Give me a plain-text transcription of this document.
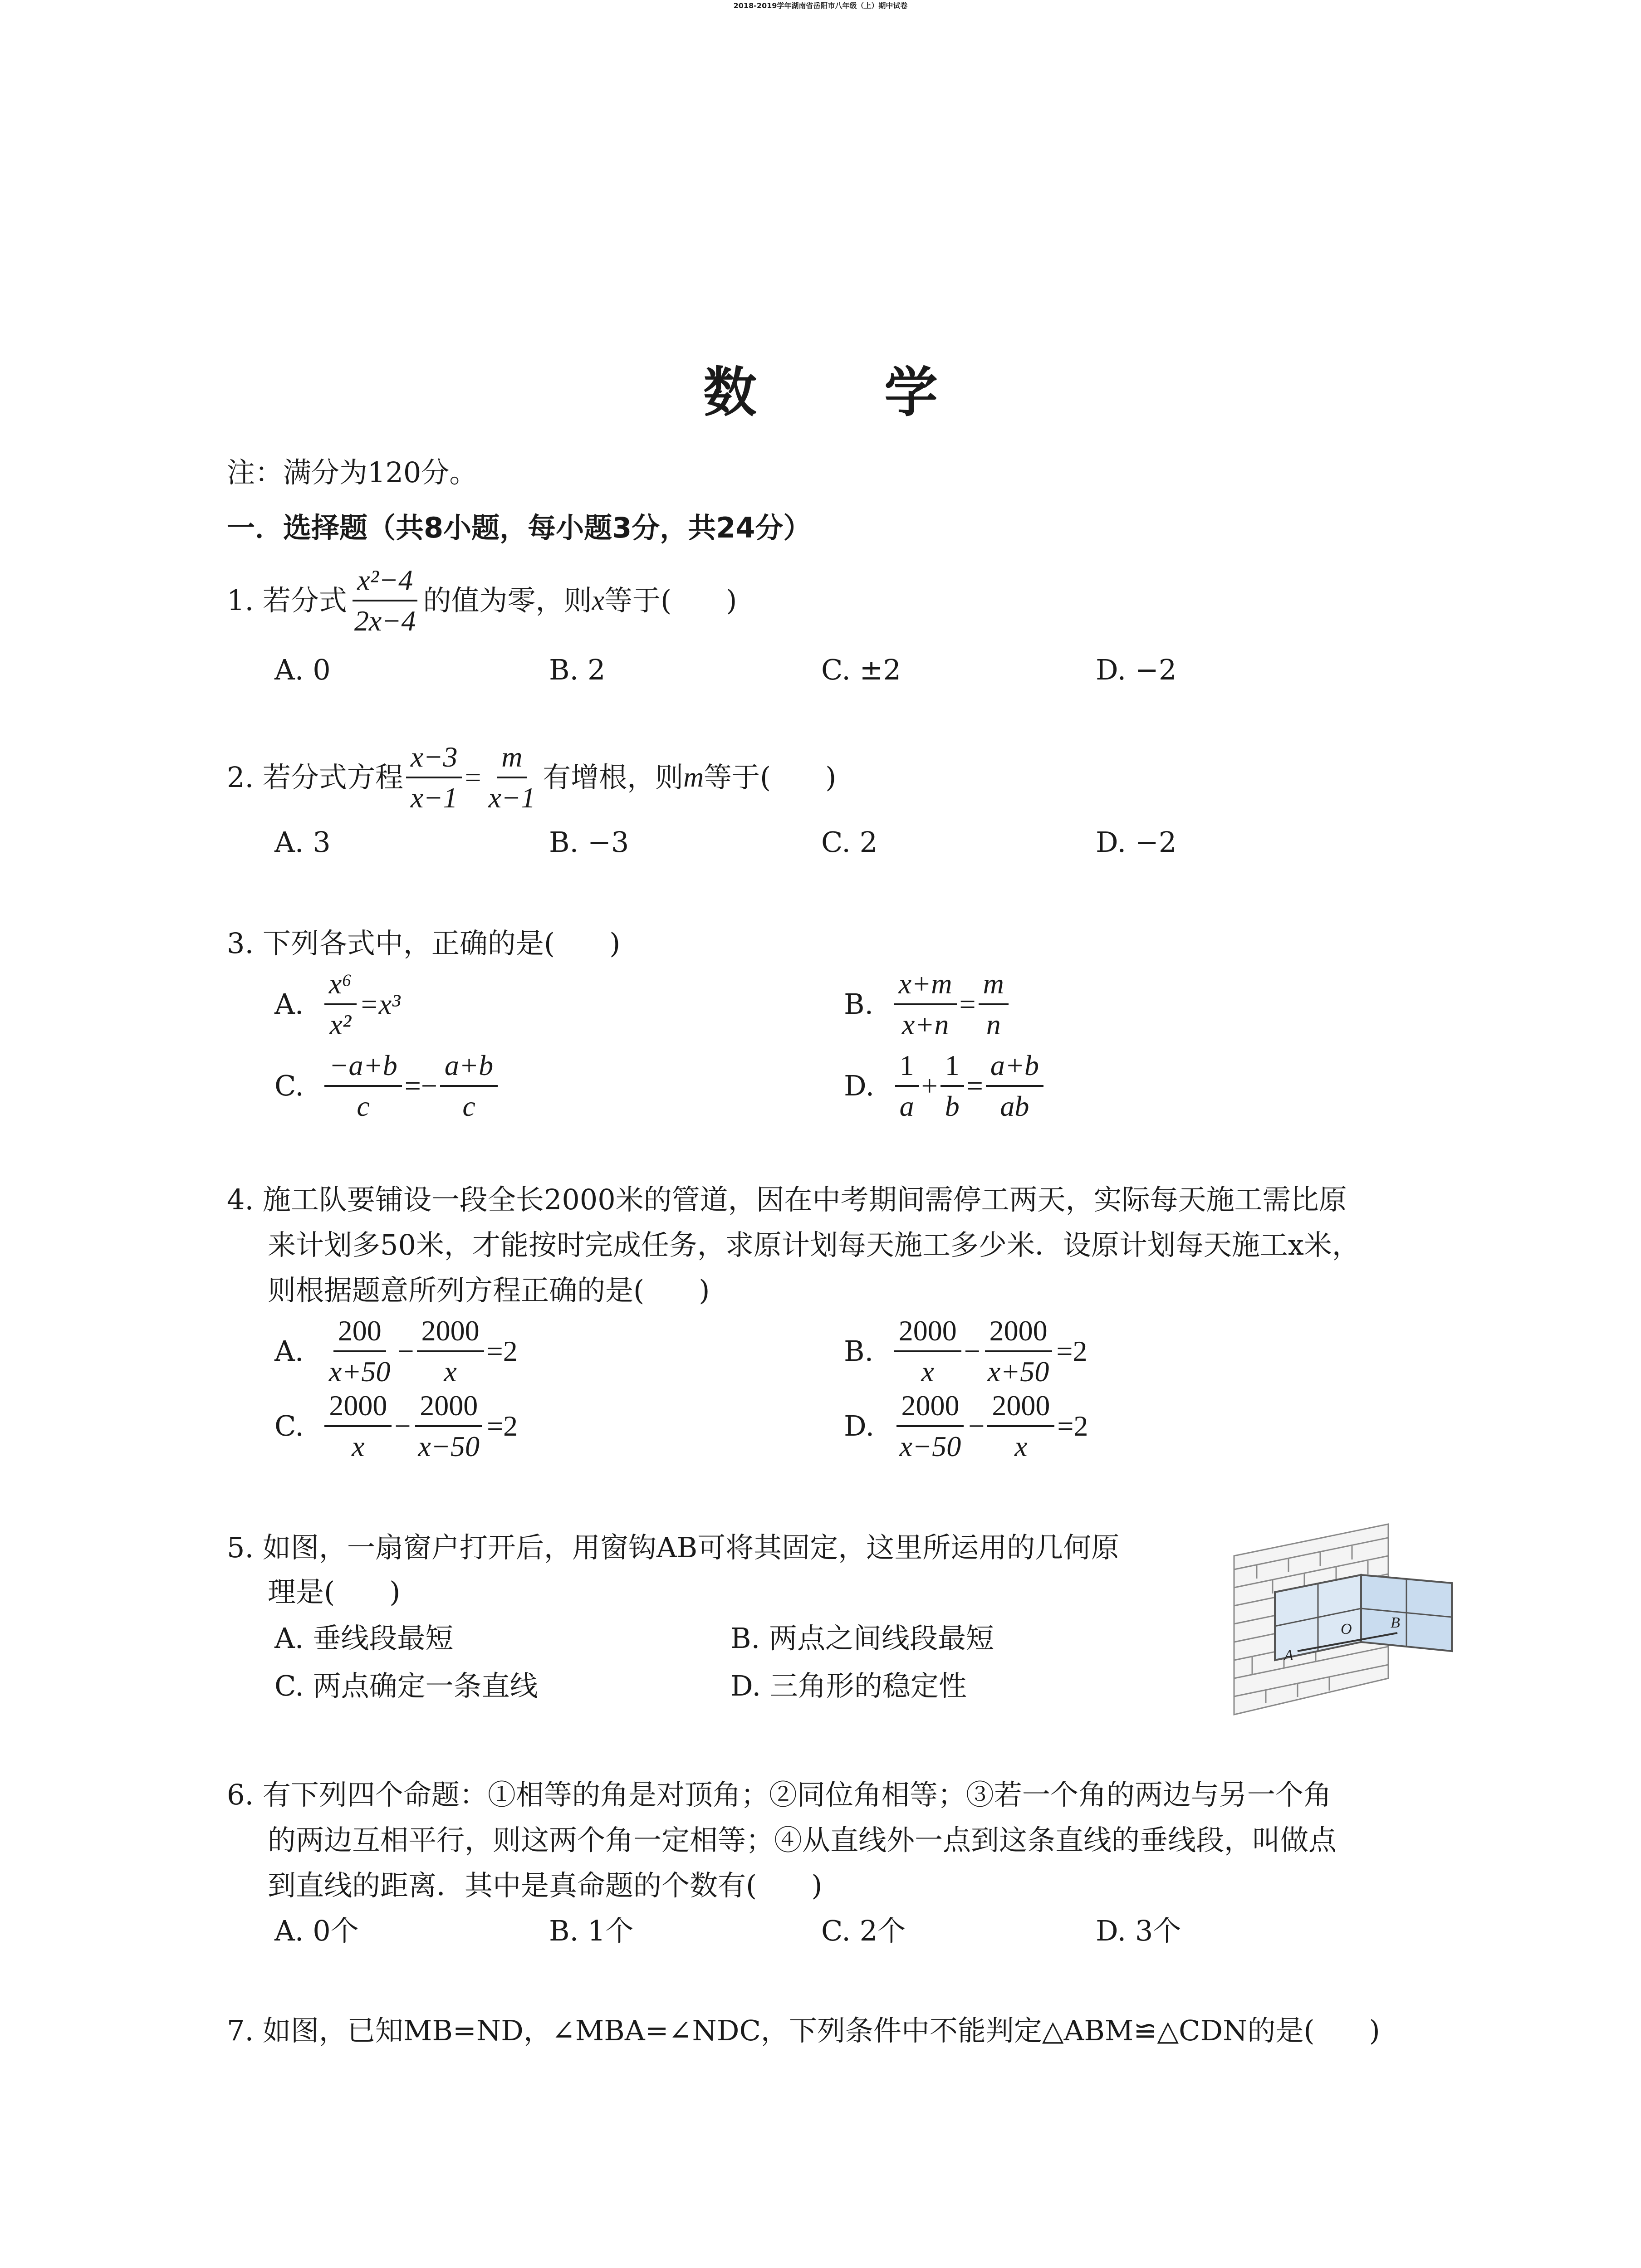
2018-2019学年湖南省岳阳市八年级（上）期中试卷
数 学
注：满分为120分。
一．选择题（共8小题，每小题3分，共24分）
1.
若分式 $\frac{\text{x²−4}}{2x-4}$ 的值为零，则 x 等于( )
A. 0	B. 2	C. ±2	D. −2
2.
若分式方程 $\frac{x-3}{x-1} = \frac{m}{x-1}$ 有增根，则 m 等于( )
A. 3	B. −3	C. 2	D. −2
3. 下列各式中，正确的是( )
A.
$\frac{\text{x⁶}}{\text{x²}} =x^3$	B.
$\frac{x+m}{x+n} = \frac{m}{n}$
C.
$\frac{-a+b}{c} =- \frac{a+b}{c}$	D.
$\frac{1}{a} + \frac{1}{b} = \frac{a+b}{ab}$
4. 施工队要铺设一段全长2000米的管道，因在中考期间需停工两天，实际每天施工需比原
来计划多50米，才能按时完成任务，求原计划每天施工多少米．设原计划每天施工x米，
则根据题意所列方程正确的是( )
A.
$\frac{200}{x+50} - \frac{2000}{x} =2$	B.
$\frac{2000}{x} - \frac{2000}{x+50} =2$
C.
$\frac{2000}{x} - \frac{2000}{x-50} =2$	D.
$\frac{2000}{x-50} - \frac{2000}{x} =2$
5. 如图，一扇窗户打开后，用窗钩AB可将其固定，这里所运用的几何原
理是( )
A. 垂线段最短	B. 两点之间线段最短
C. 两点确定一条直线	D. 三角形的稳定性
A
O	B
6. 有下列四个命题：①相等的角是对顶角；②同位角相等；③若一个角的两边与另一个角
的两边互相平行，则这两个角一定相等；④从直线外一点到这条直线的垂线段，叫做点
到直线的距离．其中是真命题的个数有( )
A. 0个	B. 1个	C. 2个	D. 3个
7. 如图，已知MB=ND，∠MBA=∠NDC，下列条件中不能判定△ABM≌△CDN的是( )
